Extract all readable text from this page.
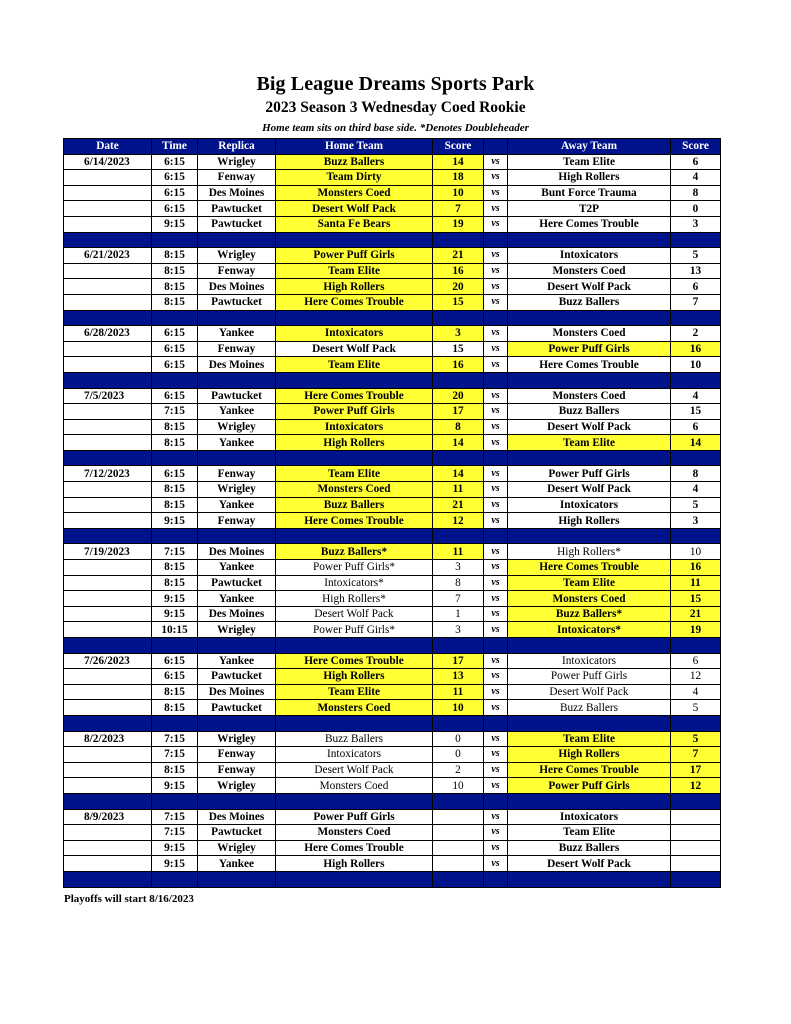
Big League Dreams Sports Park
2023 Season 3 Wednesday Coed Rookie
Home team sits on third base side. *Denotes Doubleheader
Date	Time	Replica	Home Team	Score		Away Team	Score
6/14/2023	6:15	Wrigley	Buzz Ballers	14	vs	Team Elite	6
	6:15	Fenway	Team Dirty	18	vs	High Rollers	4
	6:15	Des Moines	Monsters Coed	10	vs	Bunt Force Trauma	8
	6:15	Pawtucket	Desert Wolf Pack	7	vs	T2P	0
	9:15	Pawtucket	Santa Fe Bears	19	vs	Here Comes Trouble	3

6/21/2023	8:15	Wrigley	Power Puff Girls	21	vs	Intoxicators	5
	8:15	Fenway	Team Elite	16	vs	Monsters Coed	13
	8:15	Des Moines	High Rollers	20	vs	Desert Wolf Pack	6
	8:15	Pawtucket	Here Comes Trouble	15	vs	Buzz Ballers	7

6/28/2023	6:15	Yankee	Intoxicators	3	vs	Monsters Coed	2
	6:15	Fenway	Desert Wolf Pack	15	vs	Power Puff Girls	16
	6:15	Des Moines	Team Elite	16	vs	Here Comes Trouble	10

7/5/2023	6:15	Pawtucket	Here Comes Trouble	20	vs	Monsters Coed	4
	7:15	Yankee	Power Puff Girls	17	vs	Buzz Ballers	15
	8:15	Wrigley	Intoxicators	8	vs	Desert Wolf Pack	6
	8:15	Yankee	High Rollers	14	vs	Team Elite	14

7/12/2023	6:15	Fenway	Team Elite	14	vs	Power Puff Girls	8
	8:15	Wrigley	Monsters Coed	11	vs	Desert Wolf Pack	4
	8:15	Yankee	Buzz Ballers	21	vs	Intoxicators	5
	9:15	Fenway	Here Comes Trouble	12	vs	High Rollers	3

7/19/2023	7:15	Des Moines	Buzz Ballers*	11	vs	High Rollers*	10
	8:15	Yankee	Power Puff Girls*	3	vs	Here Comes Trouble	16
	8:15	Pawtucket	Intoxicators*	8	vs	Team Elite	11
	9:15	Yankee	High Rollers*	7	vs	Monsters Coed	15
	9:15	Des Moines	Desert Wolf Pack	1	vs	Buzz Ballers*	21
	10:15	Wrigley	Power Puff Girls*	3	vs	Intoxicators*	19

7/26/2023	6:15	Yankee	Here Comes Trouble	17	vs	Intoxicators	6
	6:15	Pawtucket	High Rollers	13	vs	Power Puff Girls	12
	8:15	Des Moines	Team Elite	11	vs	Desert Wolf Pack	4
	8:15	Pawtucket	Monsters Coed	10	vs	Buzz Ballers	5

8/2/2023	7:15	Wrigley	Buzz Ballers	0	vs	Team Elite	5
	7:15	Fenway	Intoxicators	0	vs	High Rollers	7
	8:15	Fenway	Desert Wolf Pack	2	vs	Here Comes Trouble	17
	9:15	Wrigley	Monsters Coed	10	vs	Power Puff Girls	12

8/9/2023	7:15	Des Moines	Power Puff Girls		vs	Intoxicators	
	7:15	Pawtucket	Monsters Coed		vs	Team Elite	
	9:15	Wrigley	Here Comes Trouble		vs	Buzz Ballers	
	9:15	Yankee	High Rollers		vs	Desert Wolf Pack	

Playoffs will start 8/16/2023
